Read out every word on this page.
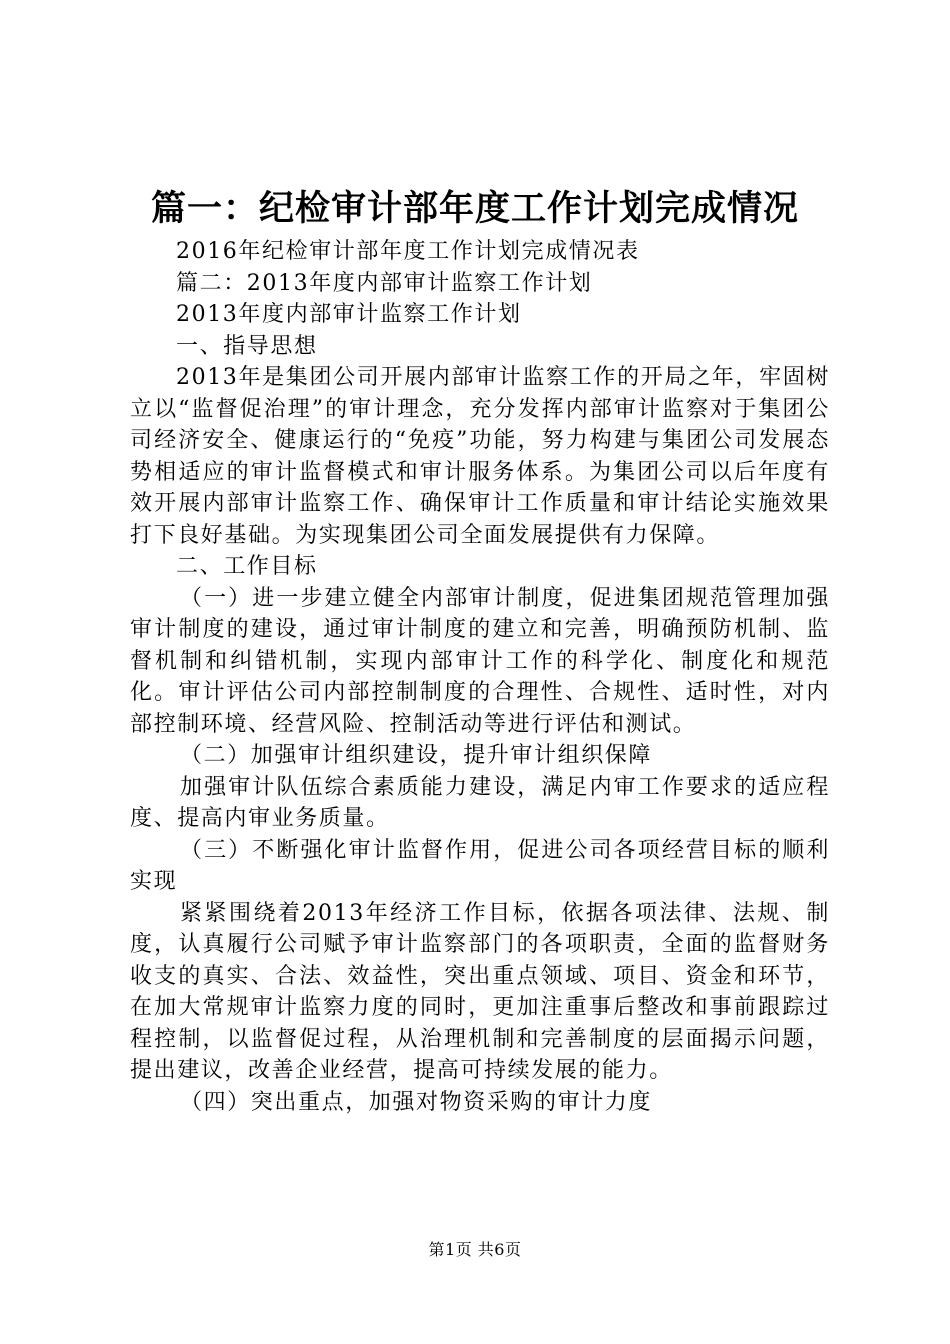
篇一：纪检审计部年度工作计划完成情况

2016年纪检审计部年度工作计划完成情况表

篇二：2013年度内部审计监察工作计划

2013年度内部审计监察工作计划

一、指导思想

2013年是集团公司开展内部审计监察工作的开局之年，牢固树立以“监督促治理”的审计理念，充分发挥内部审计监察对于集团公司经济安全、健康运行的“免疫”功能，努力构建与集团公司发展态势相适应的审计监督模式和审计服务体系。为集团公司以后年度有效开展内部审计监察工作、确保审计工作质量和审计结论实施效果打下良好基础。为实现集团公司全面发展提供有力保障。

二、工作目标

（一）进一步建立健全内部审计制度，促进集团规范管理加强审计制度的建设，通过审计制度的建立和完善，明确预防机制、监督机制和纠错机制，实现内部审计工作的科学化、制度化和规范化。审计评估公司内部控制制度的合理性、合规性、适时性，对内部控制环境、经营风险、控制活动等进行评估和测试。

（二）加强审计组织建设，提升审计组织保障

加强审计队伍综合素质能力建设，满足内审工作要求的适应程度、提高内审业务质量。

（三）不断强化审计监督作用，促进公司各项经营目标的顺利实现

紧紧围绕着2013年经济工作目标，依据各项法律、法规、制度，认真履行公司赋予审计监察部门的各项职责，全面的监督财务收支的真实、合法、效益性，突出重点领域、项目、资金和环节，在加大常规审计监察力度的同时，更加注重事后整改和事前跟踪过程控制，以监督促过程，从治理机制和完善制度的层面揭示问题，提出建议，改善企业经营，提高可持续发展的能力。

（四）突出重点，加强对物资采购的审计力度

第1页 共6页
